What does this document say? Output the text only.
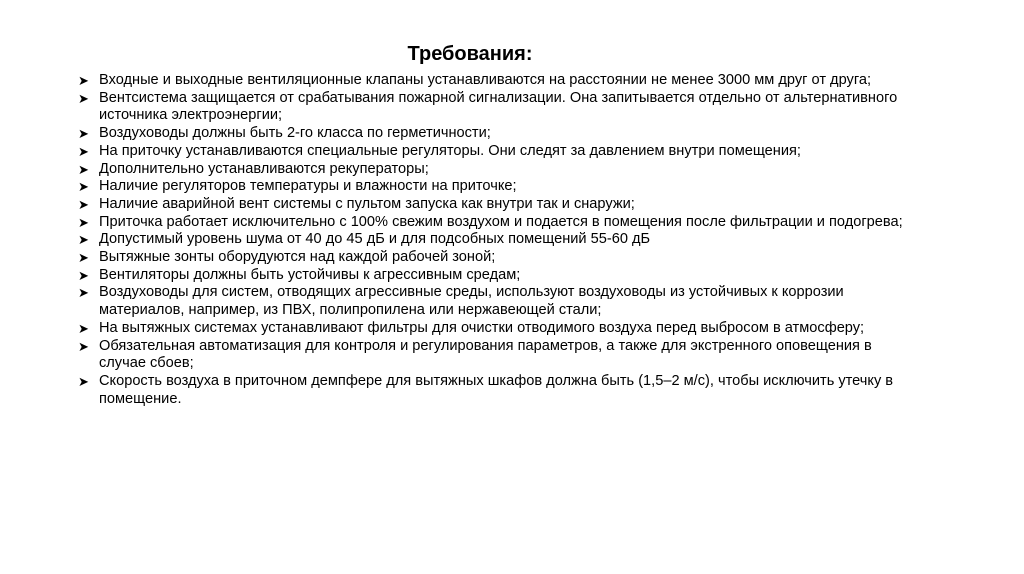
Требования:
➤ Входные и выходные вентиляционные клапаны устанавливаются на расстоянии не менее 3000 мм друг от друга;
➤ Вентсистема защищается от срабатывания пожарной сигнализации. Она запитывается отдельно от альтернативного источника электроэнергии;
➤ Воздуховоды должны быть 2-го класса по герметичности;
➤ На приточку устанавливаются специальные регуляторы. Они следят за давлением внутри помещения;
➤ Дополнительно устанавливаются рекуператоры;
➤ Наличие регуляторов температуры и влажности на приточке;
➤ Наличие аварийной вент системы с пультом запуска как внутри так и снаружи;
➤ Приточка работает исключительно с 100% свежим воздухом и подается в помещения после фильтрации и подогрева;
➤ Допустимый уровень шума от 40 до 45 дБ и для подсобных помещений 55-60 дБ
➤ Вытяжные зонты оборудуются над каждой рабочей зоной;
➤ Вентиляторы должны быть устойчивы к агрессивным средам;
➤ Воздуховоды для систем, отводящих агрессивные среды, используют воздуховоды из устойчивых к коррозии материалов, например, из ПВХ, полипропилена или нержавеющей стали;
➤ На вытяжных системах устанавливают фильтры для очистки отводимого воздуха перед выбросом в атмосферу;
➤ Обязательная автоматизация для контроля и регулирования параметров, а также для экстренного оповещения в случае сбоев;
➤ Скорость воздуха в приточном демпфере для вытяжных шкафов должна быть (1,5–2 м/с), чтобы исключить утечку в помещение.
